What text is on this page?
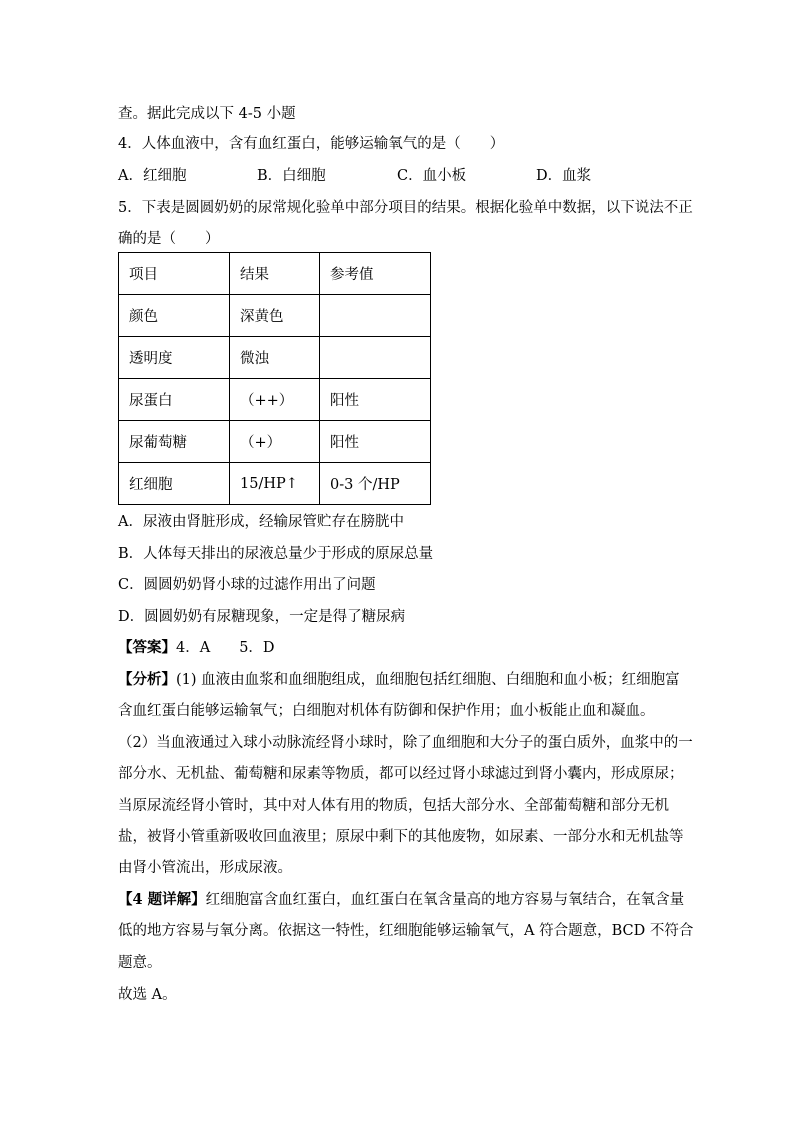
查。据此完成以下 4-5 小题
4．人体血液中，含有血红蛋白，能够运输氧气的是（　　）
A．红细胞	B．白细胞	C．血小板	D．血浆
5．下表是圆圆奶奶的尿常规化验单中部分项目的结果。根据化验单中数据，以下说法不正
确的是（　　）
项目	结果	参考值
颜色	深黄色	
透明度	微浊	
尿蛋白	（++）	阳性
尿葡萄糖	（+）	阳性
红细胞	15/HP↑	0-3 个/HP
A．尿液由肾脏形成，经输尿管贮存在膀胱中
B．人体每天排出的尿液总量少于形成的原尿总量
C．圆圆奶奶肾小球的过滤作用出了问题
D．圆圆奶奶有尿糖现象，一定是得了糖尿病
【答案】4．A　　5．D
【分析】(1) 血液由血浆和血细胞组成，血细胞包括红细胞、白细胞和血小板；红细胞富
含血红蛋白能够运输氧气；白细胞对机体有防御和保护作用；血小板能止血和凝血。
（2）当血液通过入球小动脉流经肾小球时，除了血细胞和大分子的蛋白质外，血浆中的一
部分水、无机盐、葡萄糖和尿素等物质，都可以经过肾小球滤过到肾小囊内，形成原尿；
当原尿流经肾小管时，其中对人体有用的物质，包括大部分水、全部葡萄糖和部分无机
盐，被肾小管重新吸收回血液里；原尿中剩下的其他废物，如尿素、一部分水和无机盐等
由肾小管流出，形成尿液。
【4 题详解】红细胞富含血红蛋白，血红蛋白在氧含量高的地方容易与氧结合，在氧含量
低的地方容易与氧分离。依据这一特性，红细胞能够运输氧气，A 符合题意，BCD 不符合
题意。
故选 A。
